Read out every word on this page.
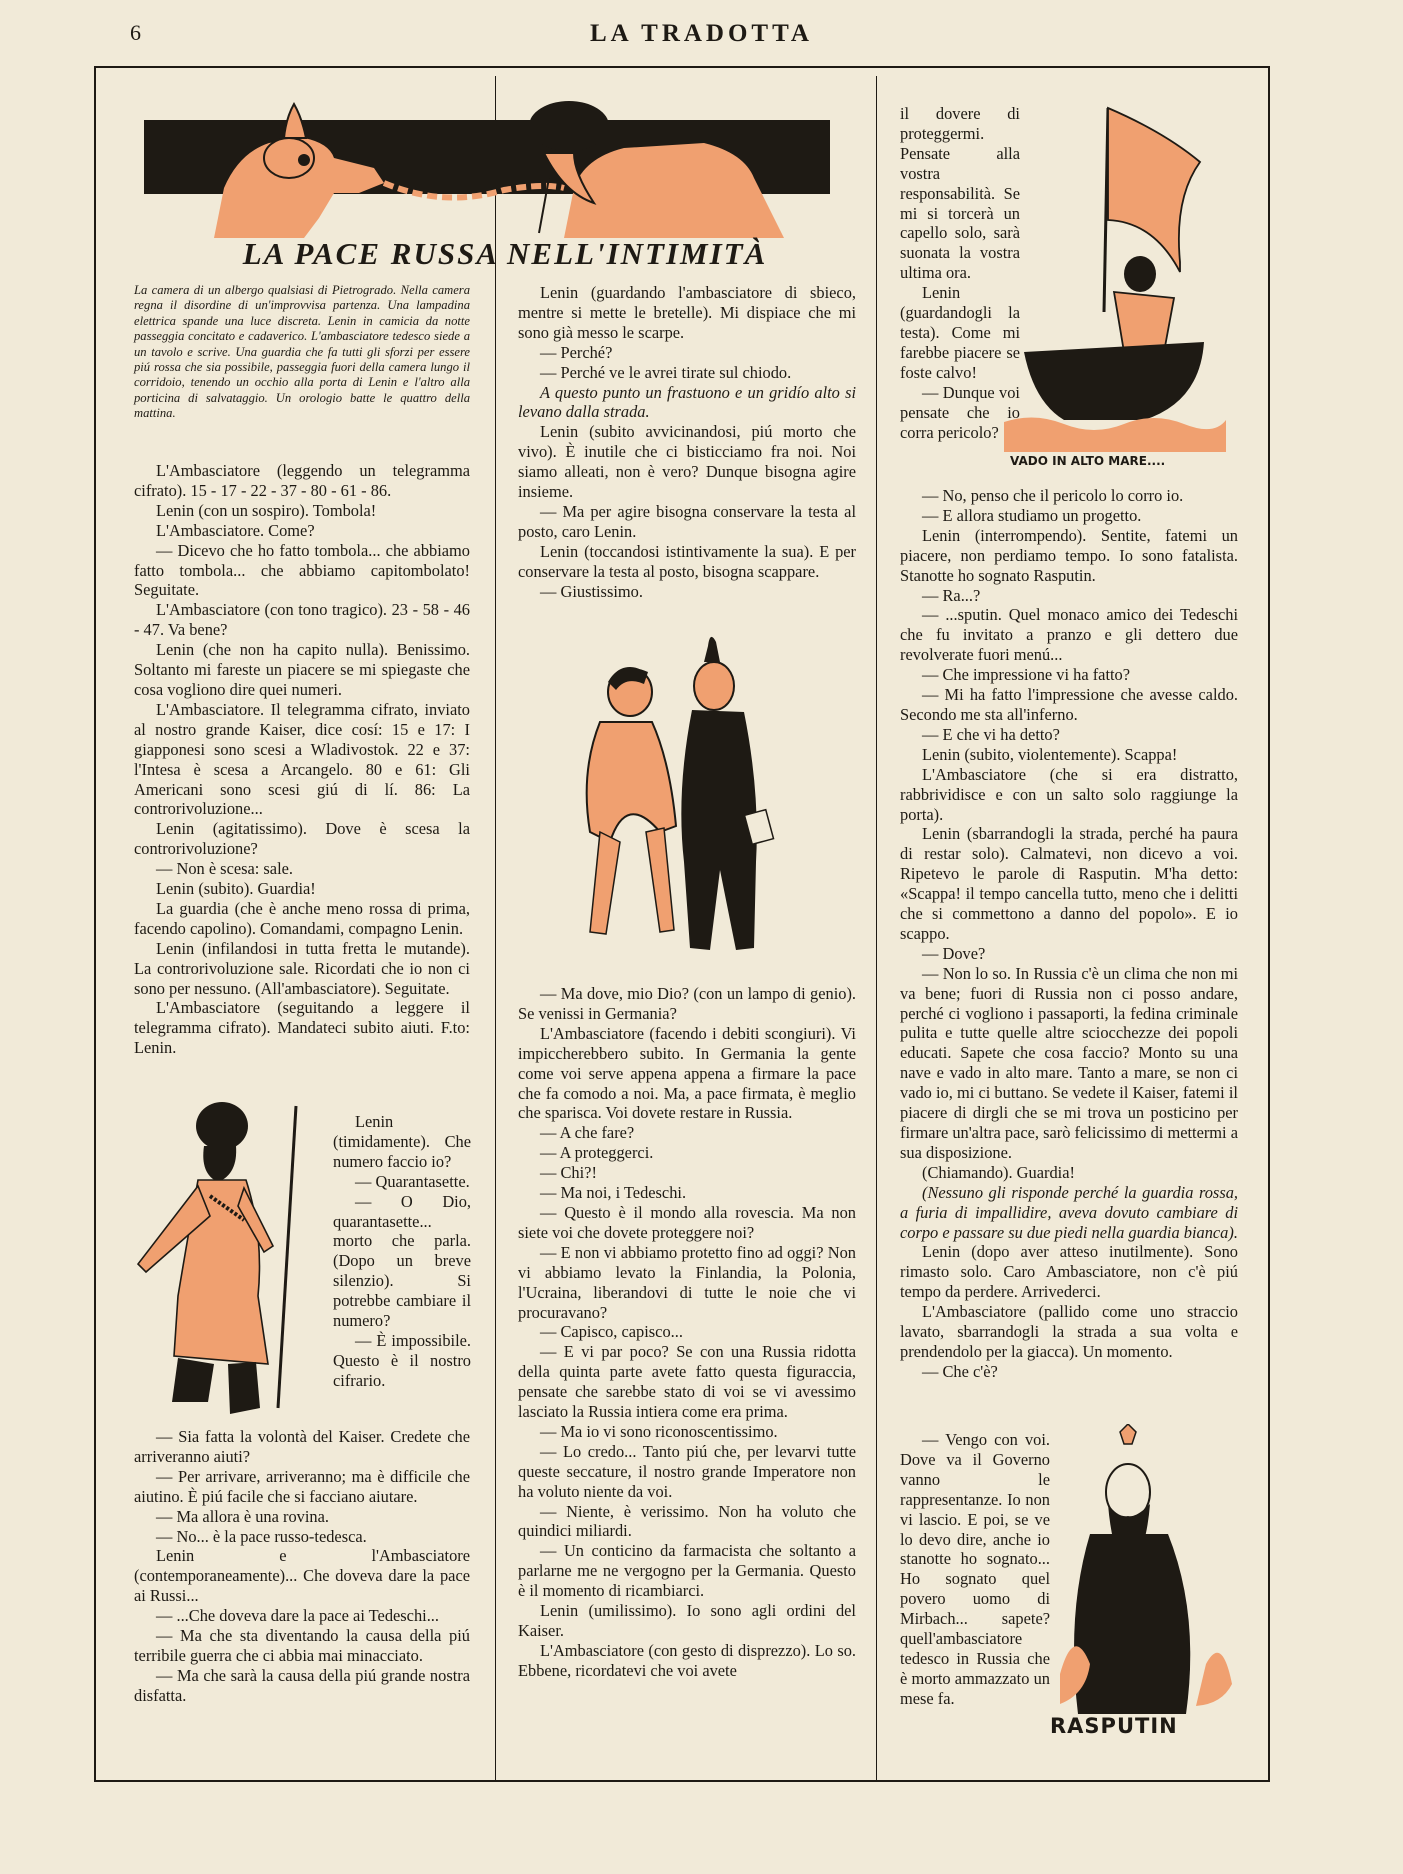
6	LA TRADOTTA
LA PACE RUSSA NELL'INTIMITÀ

La camera di un albergo qualsiasi di Pietrogrado. Nella camera regna il disordine di un'improvvisa partenza. Una lampadina elettrica spande una luce discreta. Lenin in camicia da notte passeggia concitato e cadaverico. L'ambasciatore tedesco siede a un tavolo e scrive. Una guardia che fa tutti gli sforzi per essere piú rossa che sia possibile, passeggia fuori della camera lungo il corridoio, tenendo un occhio alla porta di Lenin e l'altro alla porticina di salvataggio. Un orologio batte le quattro della mattina.

L'Ambasciatore (leggendo un telegramma cifrato). 15 - 17 - 22 - 37 - 80 - 61 - 86.

Lenin (con un sospiro). Tombola!

L'Ambasciatore. Come?

— Dicevo che ho fatto tombola... che abbiamo fatto tombola... che abbiamo capitombolato! Seguitate.

L'Ambasciatore (con tono tragico). 23 - 58 - 46 - 47. Va bene?

Lenin (che non ha capito nulla). Benissimo. Soltanto mi fareste un piacere se mi spiegaste che cosa vogliono dire quei numeri.

L'Ambasciatore. Il telegramma cifrato, inviato al nostro grande Kaiser, dice cosí: 15 e 17: I giapponesi sono scesi a Wladivostok. 22 e 37: l'Intesa è scesa a Arcangelo. 80 e 61: Gli Americani sono scesi giú di lí. 86: La controrivoluzione...

Lenin (agitatissimo). Dove è scesa la controrivoluzione?

— Non è scesa: sale.

Lenin (subito). Guardia!

La guardia (che è anche meno rossa di prima, facendo capolino). Comandami, compagno Lenin.

Lenin (infilandosi in tutta fretta le mutande). La controrivoluzione sale. Ricordati che io non ci sono per nessuno. (All'ambasciatore). Seguitate.

L'Ambasciatore (seguitando a leggere il telegramma cifrato). Mandateci subito aiuti. F.to: Lenin.

Lenin (timidamente). Che numero faccio io?

— Quarantasette.

— O Dio, quarantasette... morto che parla. (Dopo un breve silenzio). Si potrebbe cambiare il numero?

— È impossibile. Questo è il nostro cifrario.

— Sia fatta la volontà del Kaiser. Credete che arriveranno aiuti?

— Per arrivare, arriveranno; ma è difficile che aiutino. È piú facile che si facciano aiutare.

— Ma allora è una rovina.

— No... è la pace russo-tedesca.

Lenin e l'Ambasciatore (contemporaneamente)... Che doveva dare la pace ai Russi...

— ...Che doveva dare la pace ai Tedeschi...

— Ma che sta diventando la causa della piú terribile guerra che ci abbia mai minacciato.

— Ma che sarà la causa della piú grande nostra disfatta.

Lenin (guardando l'ambasciatore di sbieco, mentre si mette le bretelle). Mi dispiace che mi sono già messo le scarpe.

— Perché?

— Perché ve le avrei tirate sul chiodo.

A questo punto un frastuono e un gridío alto si levano dalla strada.

Lenin (subito avvicinandosi, piú morto che vivo). È inutile che ci bisticciamo fra noi. Noi siamo alleati, non è vero? Dunque bisogna agire insieme.

— Ma per agire bisogna conservare la testa al posto, caro Lenin.

Lenin (toccandosi istintivamente la sua). E per conservare la testa al posto, bisogna scappare.

— Giustissimo.

— Ma dove, mio Dio? (con un lampo di genio). Se venissi in Germania?

L'Ambasciatore (facendo i debiti scongiuri). Vi impiccherebbero subito. In Germania la gente come voi serve appena appena a firmare la pace che fa comodo a noi. Ma, a pace firmata, è meglio che sparisca. Voi dovete restare in Russia.

— A che fare?

— A proteggerci.

— Chi?!

— Ma noi, i Tedeschi.

— Questo è il mondo alla rovescia. Ma non siete voi che dovete proteggere noi?

— E non vi abbiamo protetto fino ad oggi? Non vi abbiamo levato la Finlandia, la Polonia, l'Ucraina, liberandovi di tutte le noie che vi procuravano?

— Capisco, capisco...

— E vi par poco? Se con una Russia ridotta della quinta parte avete fatto questa figuraccia, pensate che sarebbe stato di voi se vi avessimo lasciato la Russia intiera come era prima.

— Ma io vi sono riconoscentissimo.

— Lo credo... Tanto piú che, per levarvi tutte queste seccature, il nostro grande Imperatore non ha voluto niente da voi.

— Niente, è verissimo. Non ha voluto che quindici miliardi.

— Un conticino da farmacista che soltanto a parlarne me ne vergogno per la Germania. Questo è il momento di ricambiarci.

Lenin (umilissimo). Io sono agli ordini del Kaiser.

L'Ambasciatore (con gesto di disprezzo). Lo so. Ebbene, ricordatevi che voi avete

il dovere di proteggermi. Pensate alla vostra responsabilità. Se mi si torcerà un capello solo, sarà suonata la vostra ultima ora.

Lenin (guardandogli la testa). Come mi farebbe piacere se foste calvo!

— Dunque voi pensate che io corra pericolo?

VADO IN ALTO MARE....

— No, penso che il pericolo lo corro io.

— E allora studiamo un progetto.

Lenin (interrompendo). Sentite, fatemi un piacere, non perdiamo tempo. Io sono fatalista. Stanotte ho sognato Rasputin.

— Ra...?

— ...sputin. Quel monaco amico dei Tedeschi che fu invitato a pranzo e gli dettero due revolverate fuori menú...

— Che impressione vi ha fatto?

— Mi ha fatto l'impressione che avesse caldo. Secondo me sta all'inferno.

— E che vi ha detto?

Lenin (subito, violentemente). Scappa!

L'Ambasciatore (che si era distratto, rabbrividisce e con un salto solo raggiunge la porta).

Lenin (sbarrandogli la strada, perché ha paura di restar solo). Calmatevi, non dicevo a voi. Ripetevo le parole di Rasputin. M'ha detto: «Scappa! il tempo cancella tutto, meno che i delitti che si commettono a danno del popolo». E io scappo.

— Dove?

— Non lo so. In Russia c'è un clima che non mi va bene; fuori di Russia non ci posso andare, perché ci vogliono i passaporti, la fedina criminale pulita e tutte quelle altre sciocchezze dei popoli educati. Sapete che cosa faccio? Monto su una nave e vado in alto mare. Tanto a mare, se non ci vado io, mi ci buttano. Se vedete il Kaiser, fatemi il piacere di dirgli che se mi trova un posticino per firmare un'altra pace, sarò felicissimo di mettermi a sua disposizione.

(Chiamando). Guardia!

(Nessuno gli risponde perché la guardia rossa, a furia di impallidire, aveva dovuto cambiare di corpo e passare su due piedi nella guardia bianca).

Lenin (dopo aver atteso inutilmente). Sono rimasto solo. Caro Ambasciatore, non c'è piú tempo da perdere. Arrivederci.

L'Ambasciatore (pallido come uno straccio lavato, sbarrandogli la strada a sua volta e prendendolo per la giacca). Un momento.

— Che c'è?

— Vengo con voi. Dove va il Governo vanno le rappresentanze. Io non vi lascio. E poi, se ve lo devo dire, anche io stanotte ho sognato... Ho sognato quel povero uomo di Mirbach... sapete? quell'ambasciatore tedesco in Russia che è morto ammazzato un mese fa.

RASPUTIN
